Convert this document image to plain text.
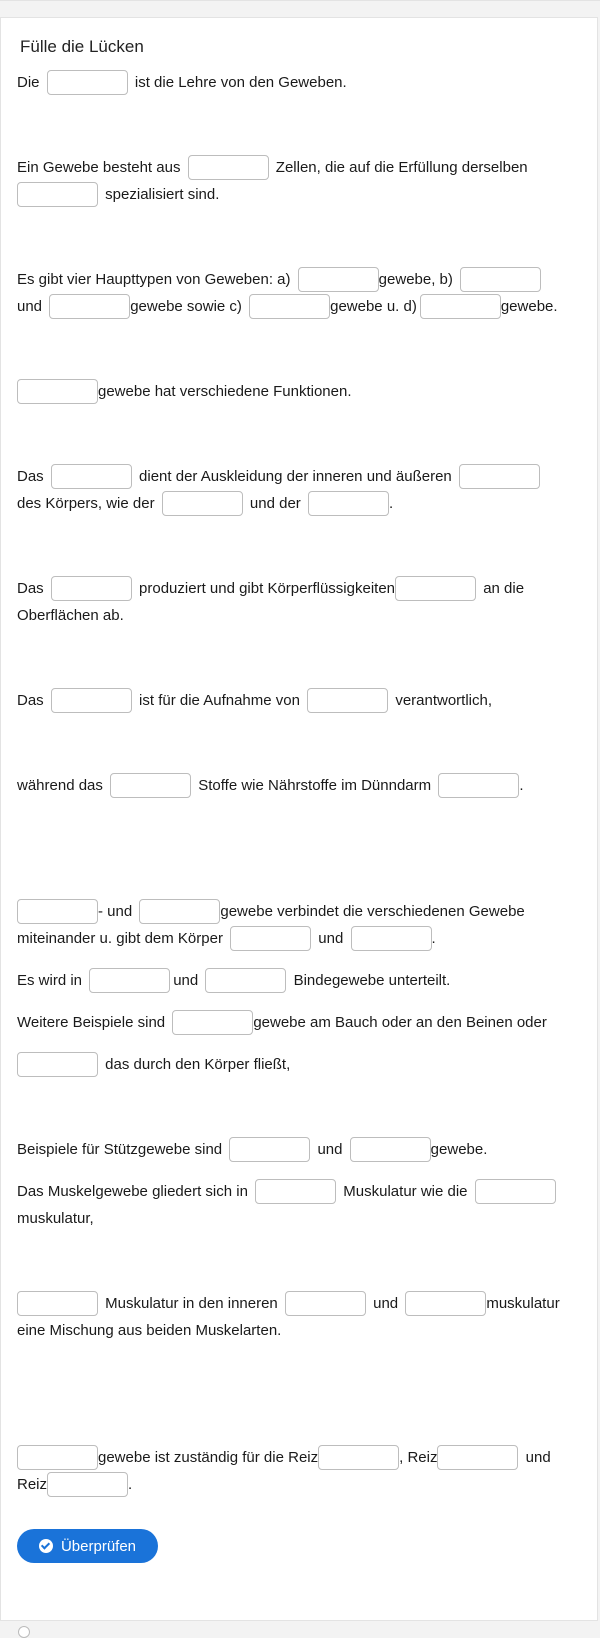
Fülle die Lücken
Die	ist die Lehre von den Geweben.
Ein Gewebe besteht aus	Zellen, die auf die Erfüllung derselben
spezialisiert sind.
Es gibt vier Haupttypen von Geweben: a)	gewebe, b)
und	gewebe sowie c)	gewebe u. d)	gewebe.
gewebe hat verschiedene Funktionen.
Das	dient der Auskleidung der inneren und äußeren
des Körpers, wie der	und der	.
Das	produziert und gibt Körperflüssigkeiten	an die
Oberflächen ab.
Das	ist für die Aufnahme von	verantwortlich,
während das	Stoffe wie Nährstoffe im Dünndarm	.
- und	gewebe verbindet die verschiedenen Gewebe
miteinander u. gibt dem Körper	und	.
Es wird in	und	Bindegewebe unterteilt.
Weitere Beispiele sind	gewebe am Bauch oder an den Beinen oder
das durch den Körper fließt,
Beispiele für Stützgewebe sind	und	gewebe.
Das Muskelgewebe gliedert sich in	Muskulatur wie die
muskulatur,
Muskulatur in den inneren	und	muskulatur
eine Mischung aus beiden Muskelarten.
gewebe ist zuständig für die Reiz	, Reiz	und
Reiz	.
Überprüfen
